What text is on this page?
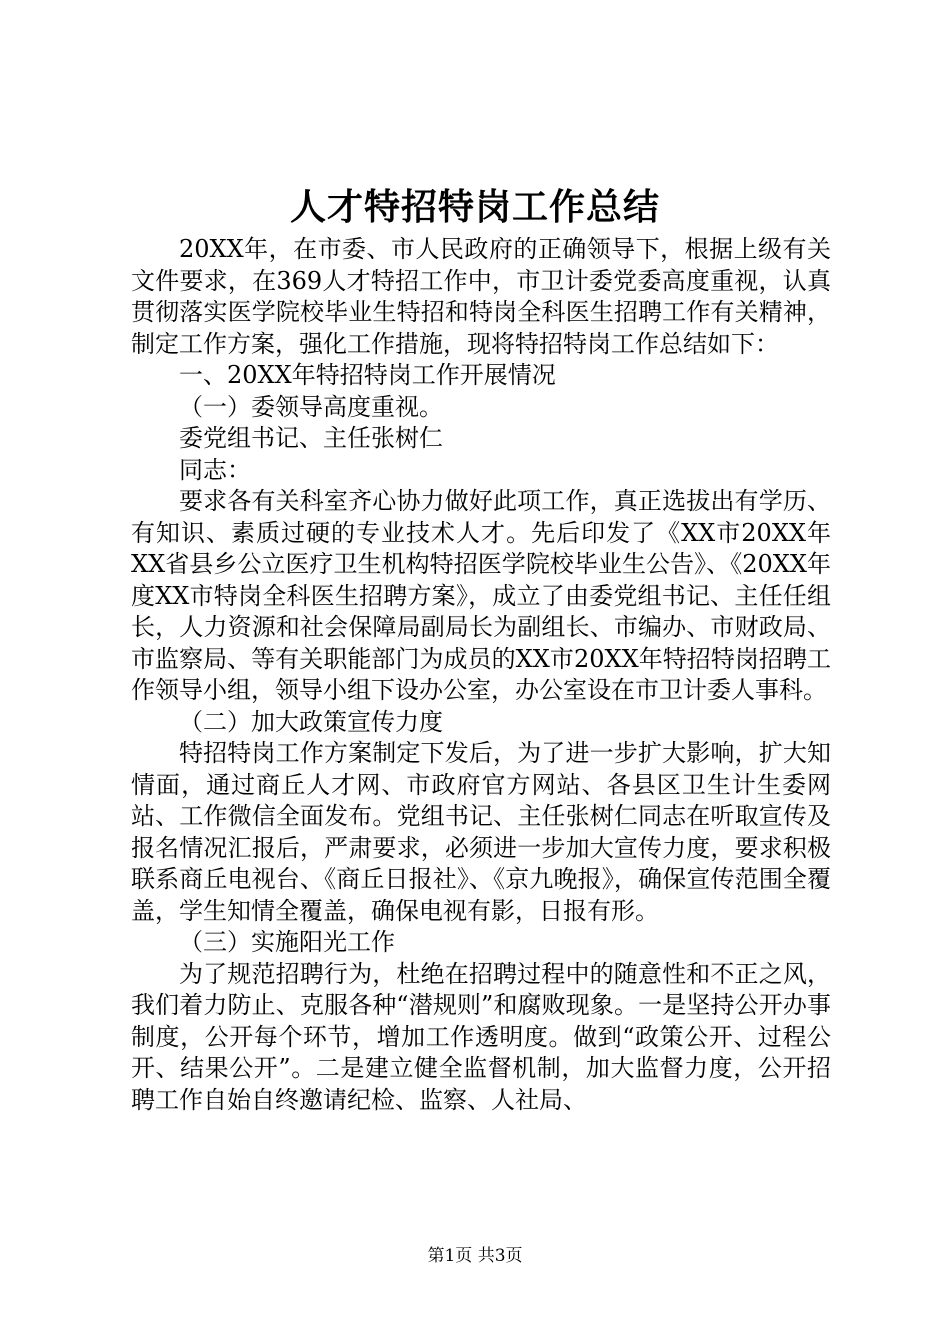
人才特招特岗工作总结

20XX年，在市委、市人民政府的正确领导下，根据上级有关文件要求，在369人才特招工作中，市卫计委党委高度重视，认真贯彻落实医学院校毕业生特招和特岗全科医生招聘工作有关精神，制定工作方案，强化工作措施，现将特招特岗工作总结如下：

一、20XX年特招特岗工作开展情况

（一）委领导高度重视。

委党组书记、主任张树仁

同志：

要求各有关科室齐心协力做好此项工作，真正选拔出有学历、有知识、素质过硬的专业技术人才。先后印发了《XX市20XX年XX省县乡公立医疗卫生机构特招医学院校毕业生公告》、《20XX年度XX市特岗全科医生招聘方案》，成立了由委党组书记、主任任组长，人力资源和社会保障局副局长为副组长、市编办、市财政局、市监察局、等有关职能部门为成员的XX市20XX年特招特岗招聘工作领导小组，领导小组下设办公室，办公室设在市卫计委人事科。

（二）加大政策宣传力度

特招特岗工作方案制定下发后，为了进一步扩大影响，扩大知情面，通过商丘人才网、市政府官方网站、各县区卫生计生委网站、工作微信全面发布。党组书记、主任张树仁同志在听取宣传及报名情况汇报后，严肃要求，必须进一步加大宣传力度，要求积极联系商丘电视台、《商丘日报社》、《京九晚报》，确保宣传范围全覆盖，学生知情全覆盖，确保电视有影，日报有形。

（三）实施阳光工作

为了规范招聘行为，杜绝在招聘过程中的随意性和不正之风，我们着力防止、克服各种“潜规则”和腐败现象。一是坚持公开办事制度，公开每个环节，增加工作透明度。做到“政策公开、过程公开、结果公开”。二是建立健全监督机制，加大监督力度，公开招聘工作自始自终邀请纪检、监察、人社局、

第1页 共3页
